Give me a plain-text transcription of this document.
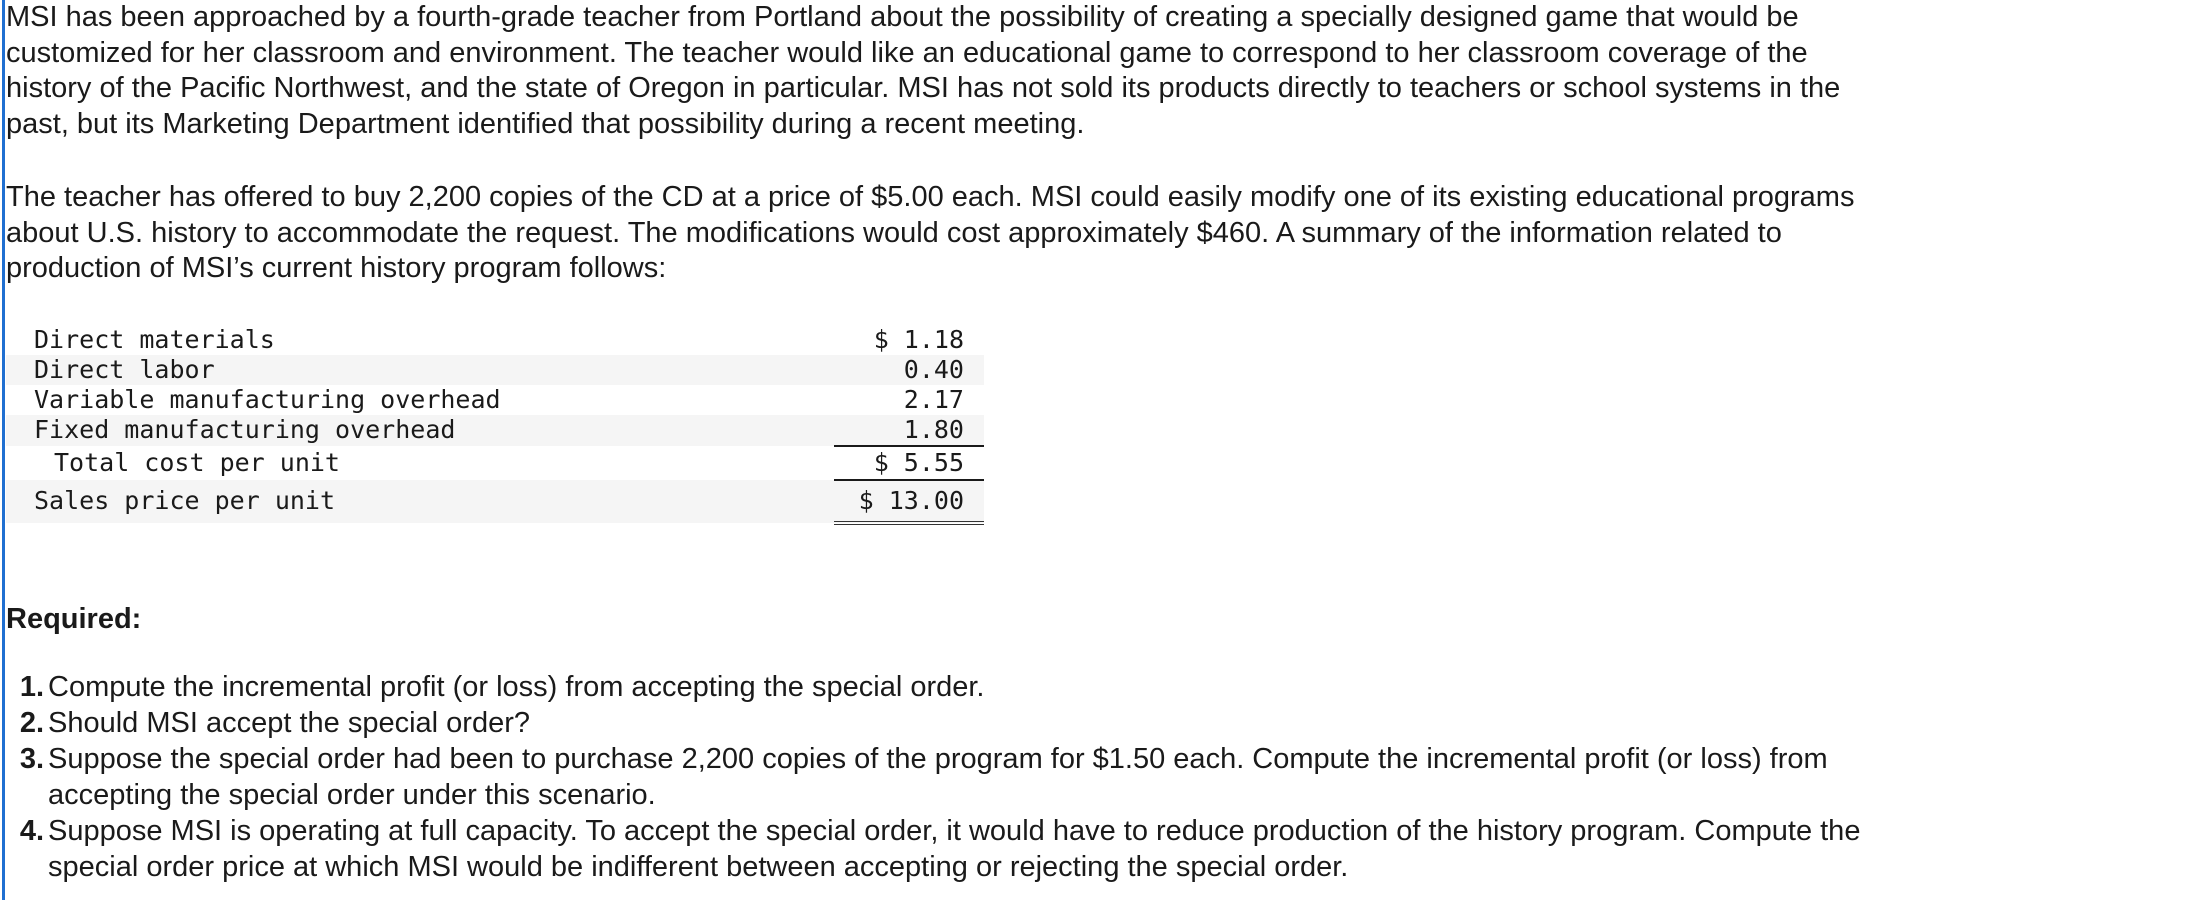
MSI has been approached by a fourth-grade teacher from Portland about the possibility of creating a specially designed game that would be customized for her classroom and environment. The teacher would like an educational game to correspond to her classroom coverage of the history of the Pacific Northwest, and the state of Oregon in particular. MSI has not sold its products directly to teachers or school systems in the past, but its Marketing Department identified that possibility during a recent meeting.

The teacher has offered to buy 2,200 copies of the CD at a price of $5.00 each. MSI could easily modify one of its existing educational programs about U.S. history to accommodate the request. The modifications would cost approximately $460. A summary of the information related to production of MSI’s current history program follows:

Direct materials	$ 1.18
Direct labor	0.40
Variable manufacturing overhead	2.17
Fixed manufacturing overhead	1.80
Total cost per unit	$ 5.55
Sales price per unit	$ 13.00

Required:

1. Compute the incremental profit (or loss) from accepting the special order.
2. Should MSI accept the special order?
3. Suppose the special order had been to purchase 2,200 copies of the program for $1.50 each. Compute the incremental profit (or loss) from accepting the special order under this scenario.
4. Suppose MSI is operating at full capacity. To accept the special order, it would have to reduce production of the history program. Compute the special order price at which MSI would be indifferent between accepting or rejecting the special order.
